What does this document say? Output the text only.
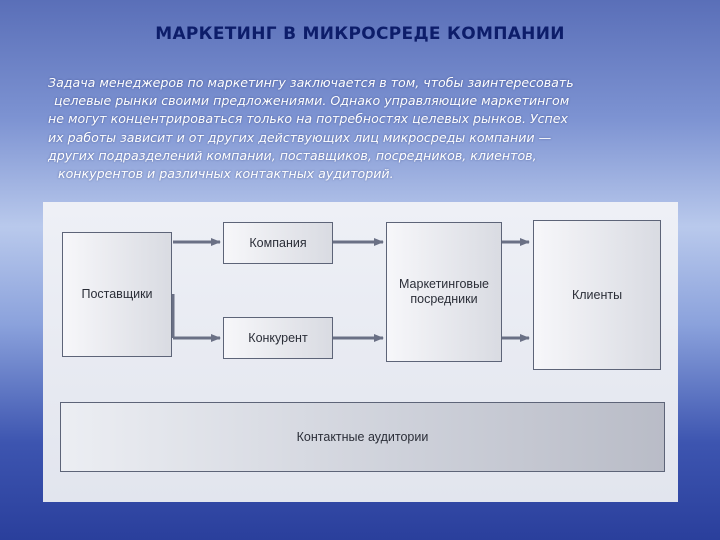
МАРКЕТИНГ В МИКРОСРЕДЕ КОМПАНИИ
Задача менеджеров по маркетингу заключается в том, чтобы заинтересовать
целевые рынки своими предложениями. Однако управляющие маркетингом
не могут концентрироваться только на потребностях целевых рынков. Успех
их работы зависит и от других действующих лиц микросреды компании —
других подразделений компании, поставщиков, посредников, клиентов,
конкурентов и различных контактных аудиторий.
Поставщики
Компания
Конкурент
Маркетинговые посредники	Клиенты
Контактные аудитории
